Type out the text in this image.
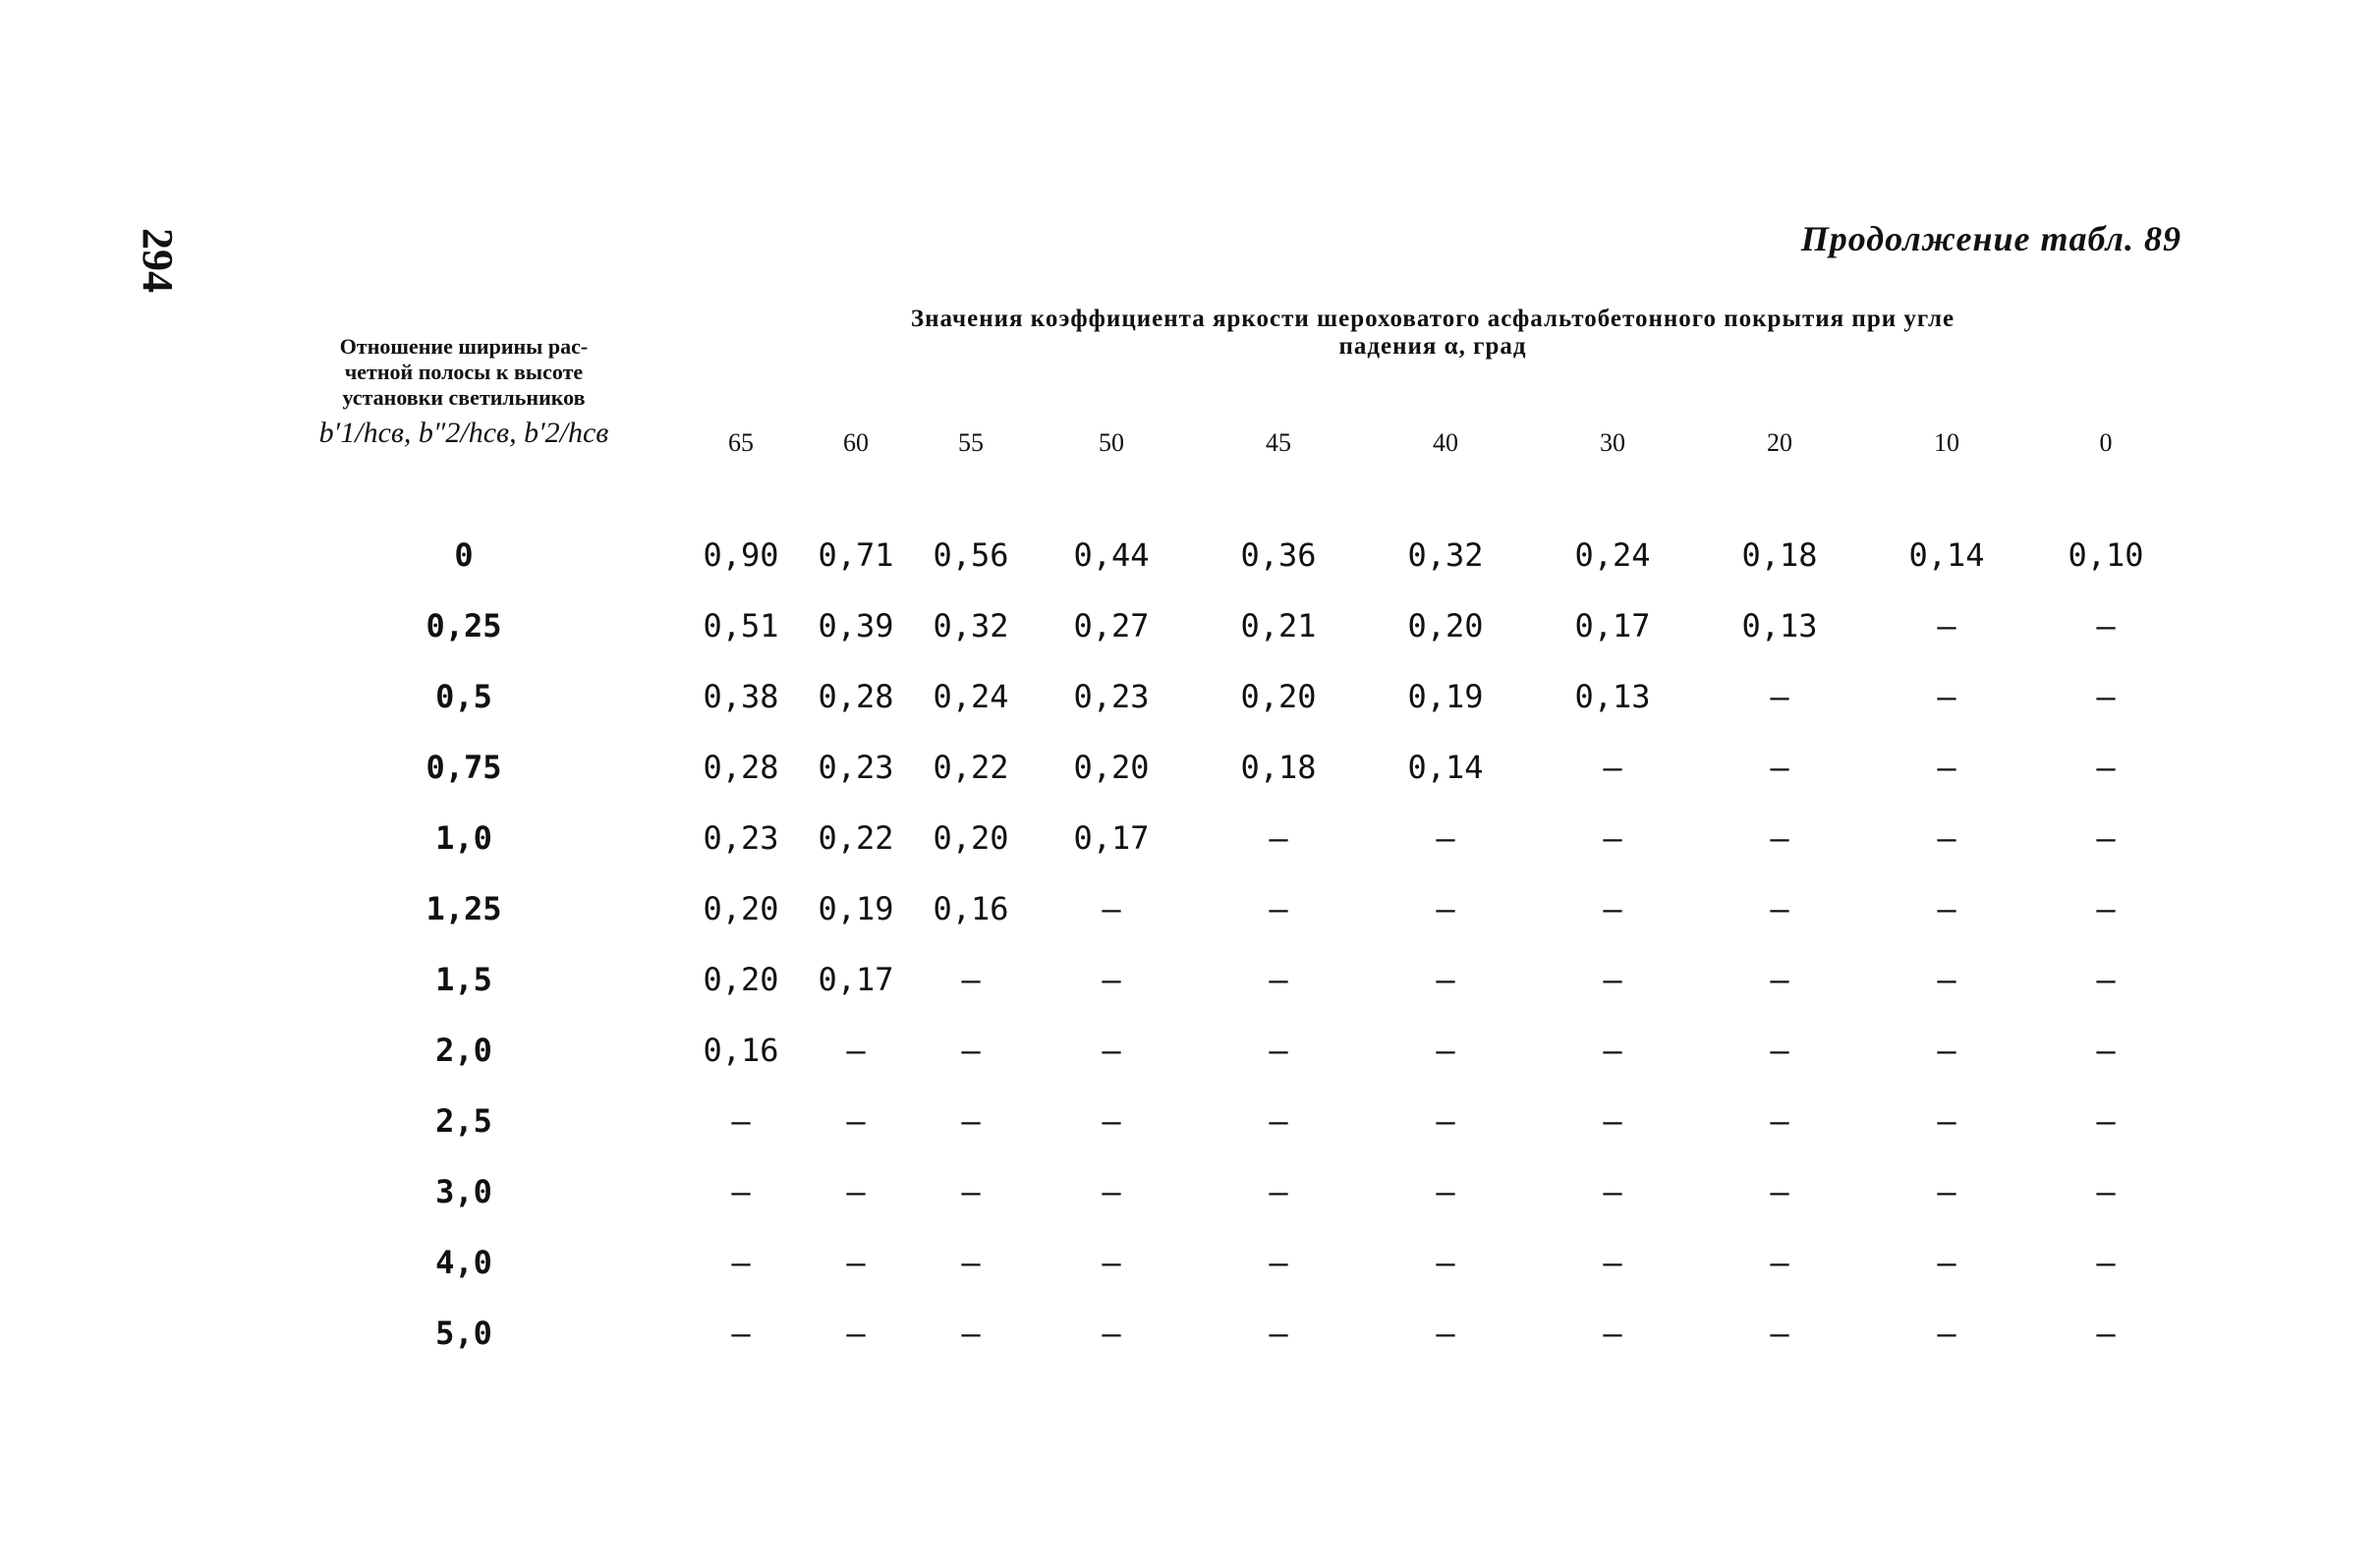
294	Продолжение табл. 89
Отношение ширины рас-
четной полосы к высоте
установки светильников
b′1/hсв, b″2/hсв, b′2/hсв	Значения коэффициента яркости шероховатого асфальтобетонного покрытия при угле
падения α, град									
	65	60	55	50	45	40	30	20	10	0
0	0,90	0,71	0,56	0,44	0,36	0,32	0,24	0,18	0,14	0,10
0,25	0,51	0,39	0,32	0,27	0,21	0,20	0,17	0,13	—	—
0,5	0,38	0,28	0,24	0,23	0,20	0,19	0,13	—	—	—
0,75	0,28	0,23	0,22	0,20	0,18	0,14	—	—	—	—
1,0	0,23	0,22	0,20	0,17	—	—	—	—	—	—
1,25	0,20	0,19	0,16	—	—	—	—	—	—	—
1,5	0,20	0,17	—	—	—	—	—	—	—	—
2,0	0,16	—	—	—	—	—	—	—	—	—
2,5	—	—	—	—	—	—	—	—	—	—
3,0	—	—	—	—	—	—	—	—	—	—
4,0	—	—	—	—	—	—	—	—	—	—
5,0	—	—	—	—	—	—	—	—	—	—
